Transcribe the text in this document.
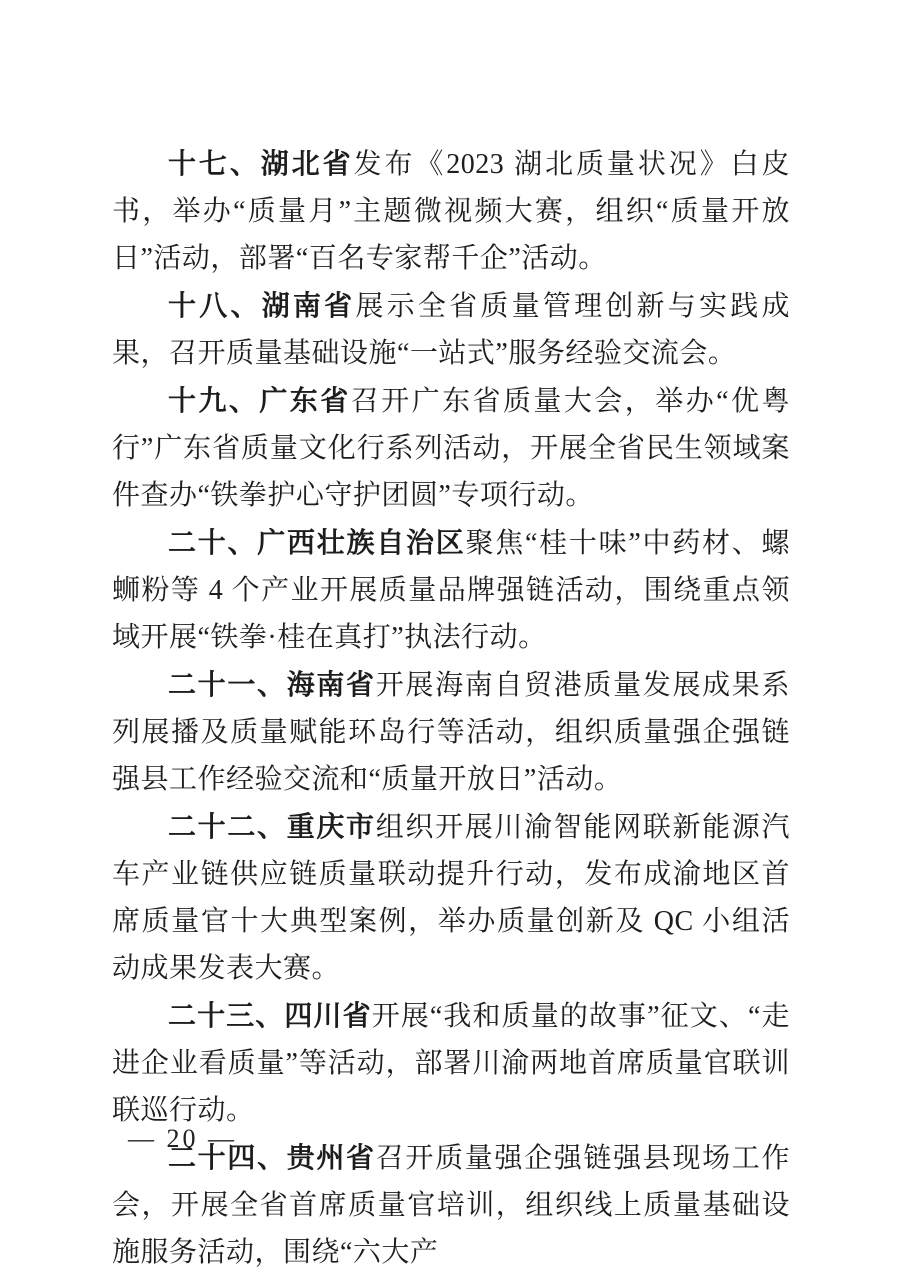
十七、湖北省发布《2023 湖北质量状况》白皮书，举办“质量月”主题微视频大赛，组织“质量开放日”活动，部署“百名专家帮千企”活动。

十八、湖南省展示全省质量管理创新与实践成果，召开质量基础设施“一站式”服务经验交流会。

十九、广东省召开广东省质量大会，举办“优粤行”广东省质量文化行系列活动，开展全省民生领域案件查办“铁拳护心守护团圆”专项行动。

二十、广西壮族自治区聚焦“桂十味”中药材、螺蛳粉等 4 个产业开展质量品牌强链活动，围绕重点领域开展“铁拳·桂在真打”执法行动。

二十一、海南省开展海南自贸港质量发展成果系列展播及质量赋能环岛行等活动，组织质量强企强链强县工作经验交流和“质量开放日”活动。

二十二、重庆市组织开展川渝智能网联新能源汽车产业链供应链质量联动提升行动，发布成渝地区首席质量官十大典型案例，举办质量创新及 QC 小组活动成果发表大赛。

二十三、四川省开展“我和质量的故事”征文、“走进企业看质量”等活动，部署川渝两地首席质量官联训联巡行动。

二十四、贵州省召开质量强企强链强县现场工作会，开展全省首席质量官培训，组织线上质量基础设施服务活动，围绕“六大产

— 20 —
